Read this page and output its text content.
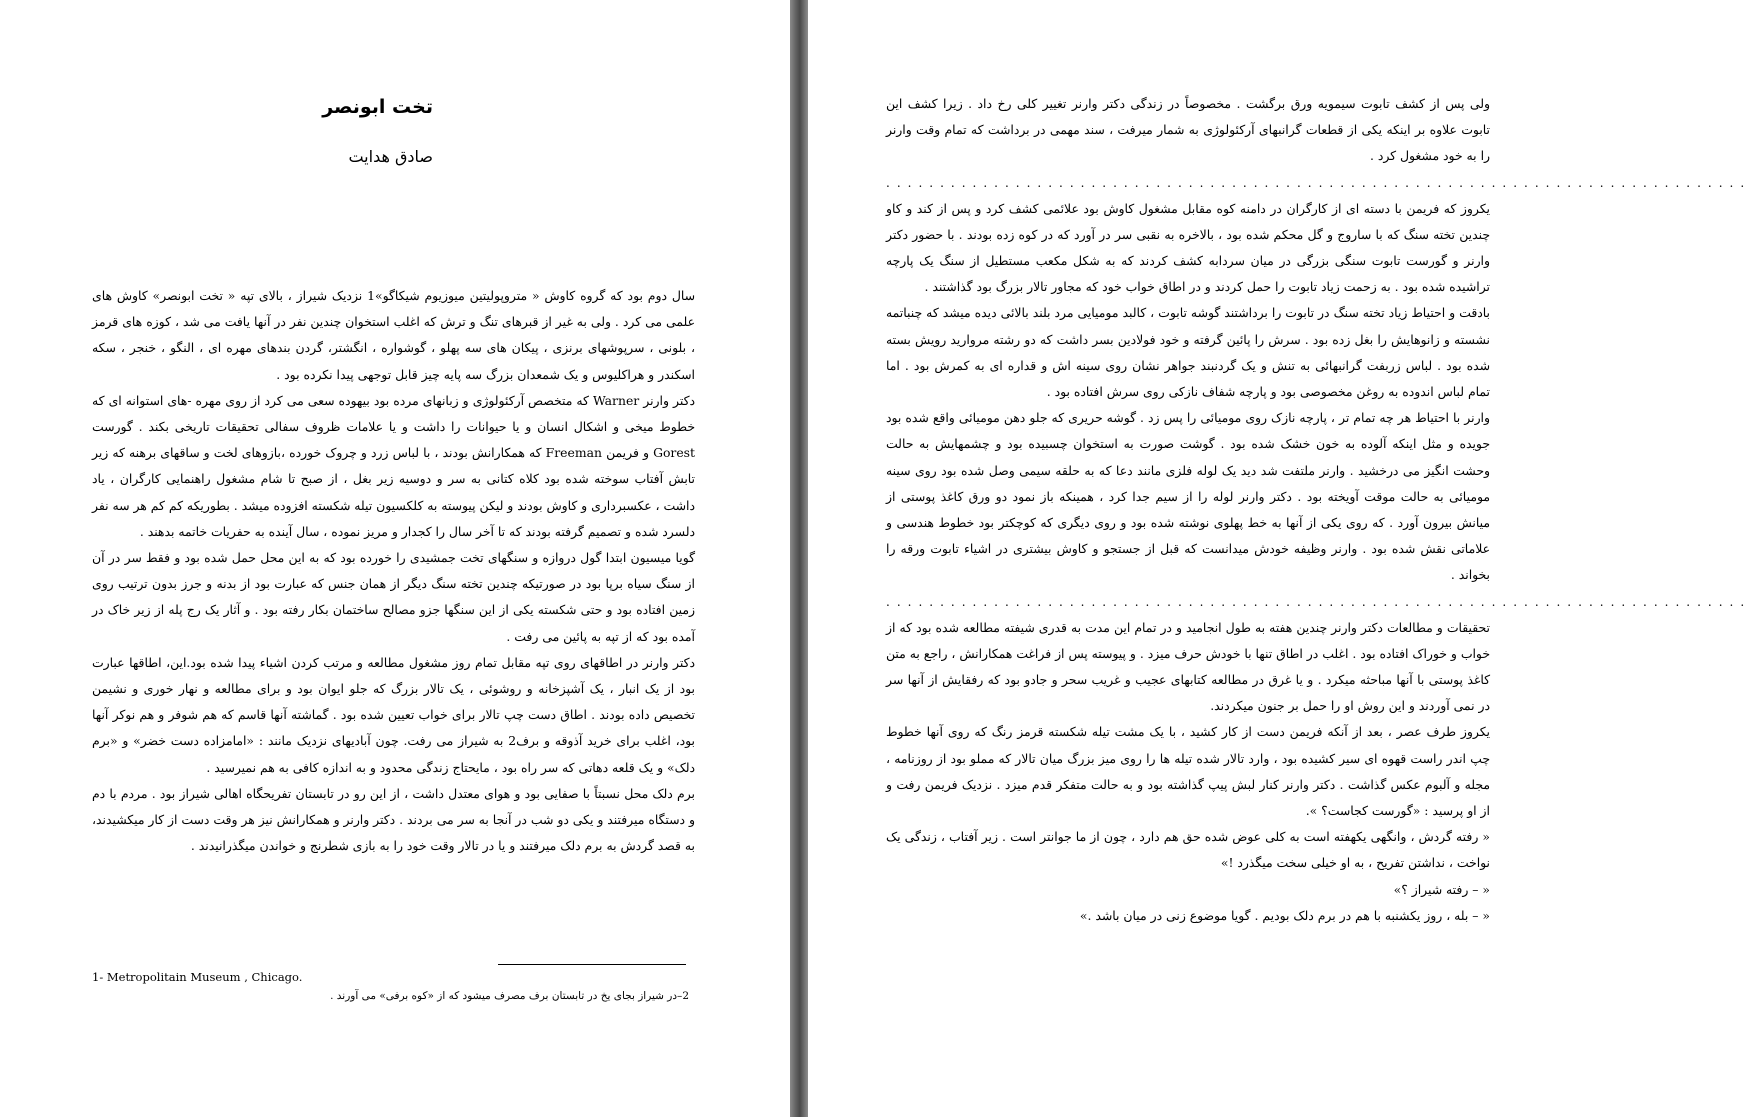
تخت ابونصر
صادق هدایت

سال دوم بود که گروه کاوش « متروپولیتین میوزیوم شیکاگو»1 نزدیک شیراز ، بالای تپه « تخت ابونصر» کاوش های علمی می کرد . ولی به غیر از قبرهای تنگ و ترش که اغلب استخوان چندین نفر در آنها یافت می شد ، کوزه های قرمز ، بلونی ، سرپوشهای برنزی ، پیکان های سه پهلو ، گوشواره ، انگشتر، گردن بندهای مهره ای ، النگو ، خنجر ، سکه اسکندر و هراکلیوس و یک شمعدان بزرگ سه پایه چیز قابل توجهی پیدا نکرده بود .

دکتر وارنر Warner که متخصص آرکئولوژی و زبانهای مرده بود بیهوده سعی می کرد از روی مهره -های استوانه ای که خطوط میخی و اشکال انسان و یا حیوانات را داشت و یا علامات ظروف سفالی تحقیقات تاریخی بکند . گورست Gorest و فریمن Freeman که همکارانش بودند ، با لباس زرد و چروک خورده ،بازوهای لخت و ساقهای برهنه که زیر تابش آفتاب سوخته شده بود کلاه کتانی به سر و دوسیه زیر بغل ، از صبح تا شام مشغول راهنمایی کارگران ، یاد داشت ، عکسبرداری و کاوش بودند و لیکن پیوسته به کلکسیون تیله شکسته افزوده میشد . بطوریکه کم کم هر سه نفر دلسرد شده و تصمیم گرفته بودند که تا آخر سال را کجدار و مریز نموده ، سال آینده به حفریات خاتمه بدهند .

گویا میسیون ابتدا گول دروازه و سنگهای تخت جمشیدی را خورده بود که به این محل حمل شده بود و فقط سر در آن از سنگ سیاه برپا بود در صورتیکه چندین تخته سنگ دیگر از همان جنس که عبارت بود از بدنه و جرز بدون ترتیب روی زمین افتاده بود و حتی شکسته یکی از این سنگها جزو مصالح ساختمان بکار رفته بود . و آثار یک رج پله از زیر خاک در آمده بود که از تپه به پائین می رفت .

دکتر وارنر در اطاقهای روی تپه مقابل تمام روز مشغول مطالعه و مرتب کردن اشیاء پیدا شده بود.این، اطاقها عبارت بود از یک انبار ، یک آشپزخانه و روشوئی ، یک تالار بزرگ که جلو ایوان بود و برای مطالعه و نهار خوری و نشیمن تخصیص داده بودند . اطاق دست چپ تالار برای خواب تعیین شده بود . گماشته آنها قاسم که هم شوفر و هم نوکر آنها بود، اغلب برای خرید آذوقه و برف2 به شیراز می رفت. چون آبادیهای نزدیک مانند : «امامزاده دست خضر» و «برم دلک» و یک قلعه دهاتی که سر راه بود ، مایحتاج زندگی محدود و به اندازه کافی به هم نمیرسید .

برم دلک محل نسبتاً با صفایی بود و هوای معتدل داشت ، از این رو در تابستان تفریحگاه اهالی شیراز بود . مردم با دم و دستگاه میرفتند و یکی دو شب در آنجا به سر می بردند . دکتر وارنر و همکارانش نیز هر وقت دست از کار میکشیدند، به قصد گردش به برم دلک میرفتند و یا در تالار وقت خود را به بازی شطرنج و خواندن میگذرانیدند .

1- Metropolitain Museum , Chicago.
2–در شیراز بجای یخ در تابستان برف مصرف میشود که از «کوه برفی» می آورند .

ولی پس از کشف تابوت سیمویه ورق برگشت . مخصوصاً در زندگی دکتر وارنر تغییر کلی رخ داد . زیرا کشف این تابوت علاوه بر اینکه یکی از قطعات گرانبهای آرکئولوژی به شمار میرفت ، سند مهمی در برداشت که تمام وقت وارنر را به خود مشغول کرد .

................................................................................

یکروز که فریمن با دسته ای از کارگران در دامنه کوه مقابل مشغول کاوش بود علائمی کشف کرد و پس از کند و کاو چندین تخته سنگ که با ساروج و گل محکم شده بود ، بالاخره به نقبی سر در آورد که در کوه زده بودند . با حضور دکتر وارنر و گورست تابوت سنگی بزرگی در میان سردابه کشف کردند که به شکل مکعب مستطیل از سنگ یک پارچه تراشیده شده بود . به زحمت زیاد تابوت را حمل کردند و در اطاق خواب خود که مجاور تالار بزرگ بود گذاشتند .

بادقت و احتیاط زیاد تخته سنگ در تابوت را برداشتند گوشه تابوت ، کالبد مومیایی مرد بلند بالائی دیده میشد که چنباتمه نشسته و زانوهایش را بغل زده بود . سرش را پائین گرفته و خود فولادین بسر داشت که دو رشته مروارید رویش بسته شده بود . لباس زربفت گرانبهائی به تنش و یک گردنبند جواهر نشان روی سینه اش و قداره ای به کمرش بود . اما تمام لباس اندوده به روغن مخصوصی بود و پارچه شفاف نازکی روی سرش افتاده بود .

وارنر با احتیاط هر چه تمام تر ، پارچه نازک روی مومیائی را پس زد . گوشه حریری که جلو دهن مومیائی واقع شده بود جویده و مثل اینکه آلوده به خون خشک شده بود . گوشت صورت به استخوان چسبیده بود و چشمهایش به حالت وحشت انگیز می درخشید . وارنر ملتفت شد دید یک لوله فلزی مانند دعا که به حلقه سیمی وصل شده بود روی سینه مومیائی به حالت موقت آویخته بود . دکتر وارنر لوله را از سیم جدا کرد ، همینکه باز نمود دو ورق کاغذ پوستی از میانش بیرون آورد . که روی یکی از آنها به خط پهلوی نوشته شده بود و روی دیگری که کوچکتر بود خطوط هندسی و علاماتی نقش شده بود . وارنر وظیفه خودش میدانست که قبل از جستجو و کاوش بیشتری در اشیاء تابوت ورقه را بخواند .

................................................................................

تحقیقات و مطالعات دکتر وارنر چندین هفته به طول انجامید و در تمام این مدت به قدری شیفته مطالعه شده بود که از خواب و خوراک افتاده بود . اغلب در اطاق تنها با خودش حرف میزد . و پیوسته پس از فراغت همکارانش ، راجع به متن کاغذ پوستی با آنها مباحثه میکرد . و یا غرق در مطالعه کتابهای عجیب و غریب سحر و جادو بود که رفقایش از آنها سر در نمی آوردند و این روش او را حمل بر جنون میکردند.

یکروز طرف عصر ، بعد از آنکه فریمن دست از کار کشید ، با یک مشت تیله شکسته قرمز رنگ که روی آنها خطوط چپ اندر راست قهوه ای سیر کشیده بود ، وارد تالار شده تیله ها را روی میز بزرگ میان تالار که مملو بود از روزنامه ، مجله و آلبوم عکس گذاشت . دکتر وارنر کنار لبش پیپ گذاشته بود و به حالت متفکر قدم میزد . نزدیک فریمن رفت و از او پرسید : «گورست کجاست؟ ».

« رفته گردش ، وانگهی یکهفته است به کلی عوض شده حق هم دارد ، چون از ما جوانتر است . زیر آفتاب ، زندگی یک نواخت ، نداشتن تفریح ، به او خیلی سخت میگذرد !»

« – رفته شیراز ؟»

« – بله ، روز یکشنبه با هم در برم دلک بودیم . گویا موضوع زنی در میان باشد .»
